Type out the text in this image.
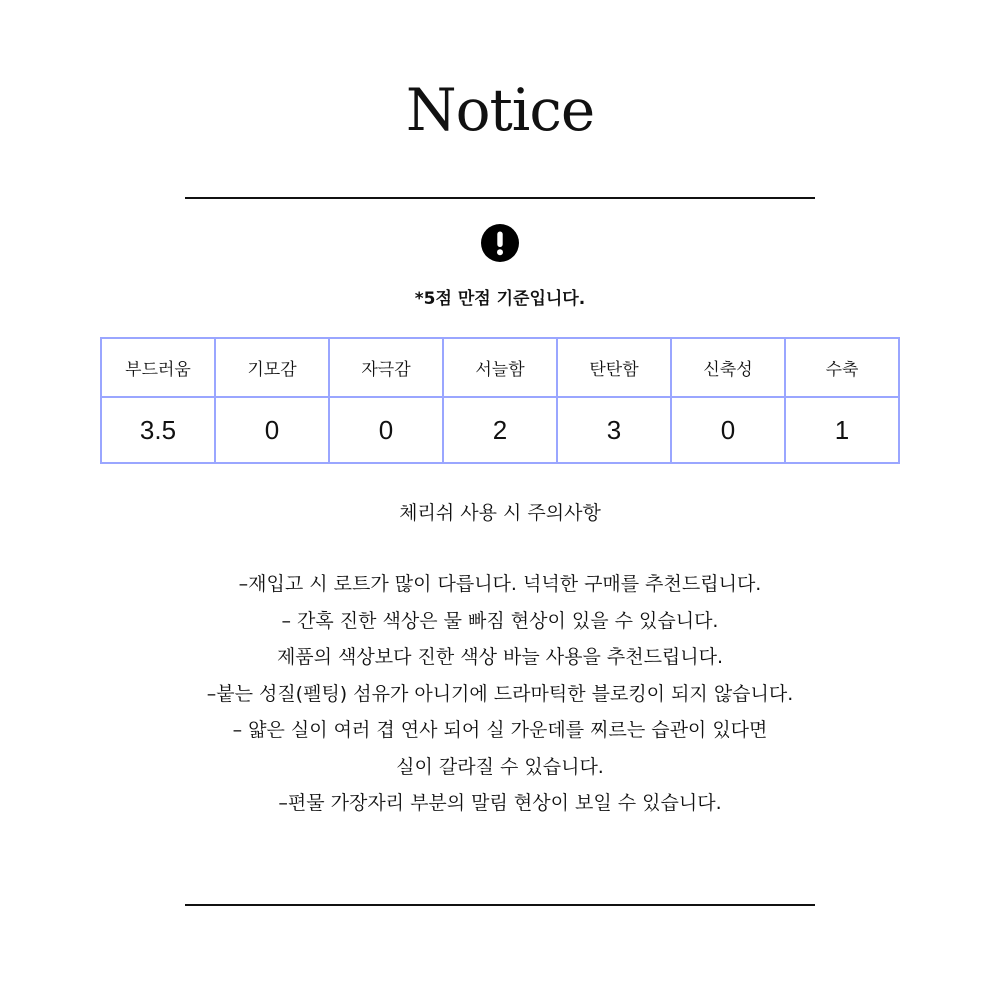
Notice
*5점 만점 기준입니다.
부드러움	기모감	자극감	서늘함	탄탄함	신축성	수축
3.5	0	0	2	3	0	1
체리쉬 사용 시 주의사항
–재입고 시 로트가 많이 다릅니다. 넉넉한 구매를 추천드립니다.
– 간혹 진한 색상은 물 빠짐 현상이 있을 수 있습니다.
제품의 색상보다 진한 색상 바늘 사용을 추천드립니다.
–붙는 성질(펠팅) 섬유가 아니기에 드라마틱한 블로킹이 되지 않습니다.
– 얇은 실이 여러 겹 연사 되어 실 가운데를 찌르는 습관이 있다면
실이 갈라질 수 있습니다.
–편물 가장자리 부분의 말림 현상이 보일 수 있습니다.
